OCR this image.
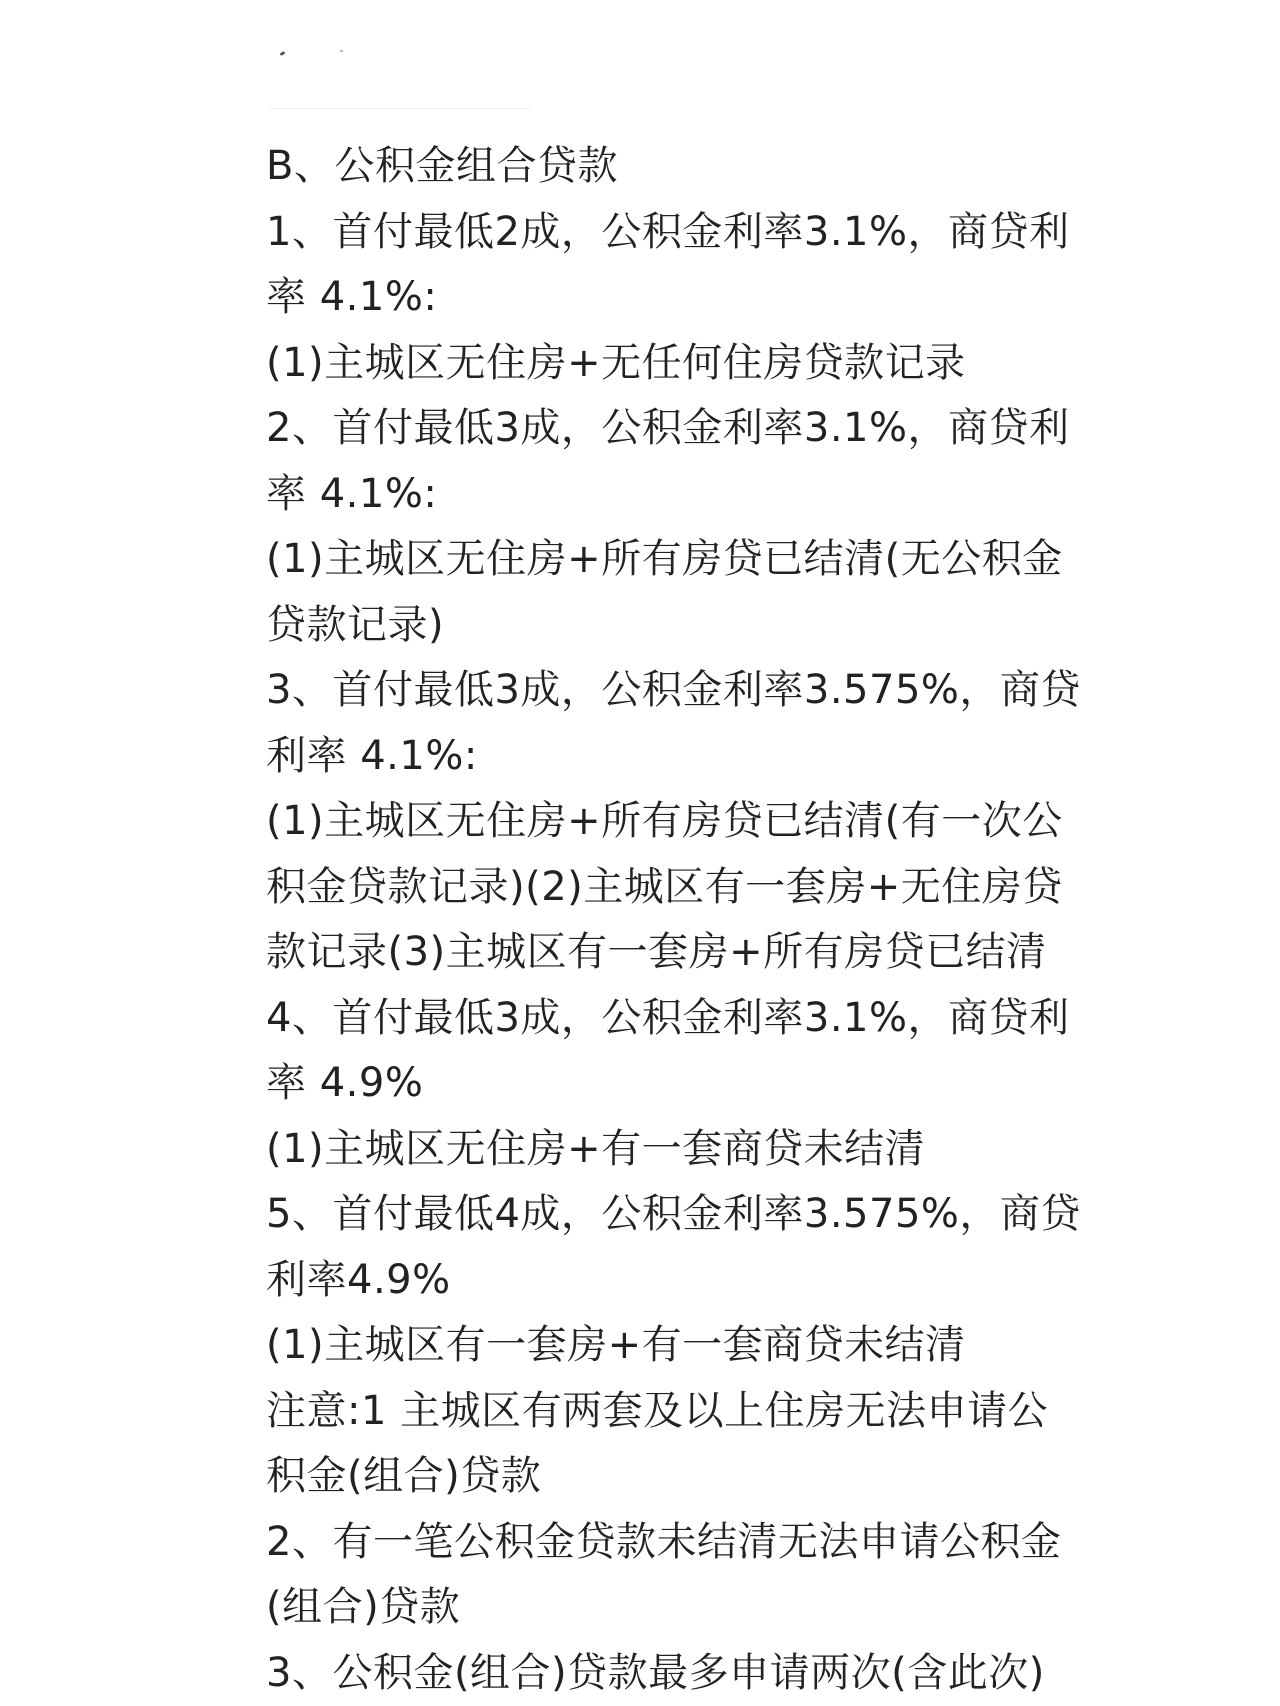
B、公积金组合贷款
1、首付最低2成，公积金利率3.1%，商贷利
率 4.1%:
(1)主城区无住房+无任何住房贷款记录
2、首付最低3成，公积金利率3.1%，商贷利
率 4.1%:
(1)主城区无住房+所有房贷已结清(无公积金
贷款记录)
3、首付最低3成，公积金利率3.575%，商贷
利率 4.1%:
(1)主城区无住房+所有房贷已结清(有一次公
积金贷款记录)(2)主城区有一套房+无住房贷
款记录(3)主城区有一套房+所有房贷已结清
4、首付最低3成，公积金利率3.1%，商贷利
率 4.9%
(1)主城区无住房+有一套商贷未结清
5、首付最低4成，公积金利率3.575%，商贷
利率4.9%
(1)主城区有一套房+有一套商贷未结清
注意:1 主城区有两套及以上住房无法申请公
积金(组合)贷款
2、有一笔公积金贷款未结清无法申请公积金
(组合)贷款
3、公积金(组合)贷款最多申请两次(含此次)
